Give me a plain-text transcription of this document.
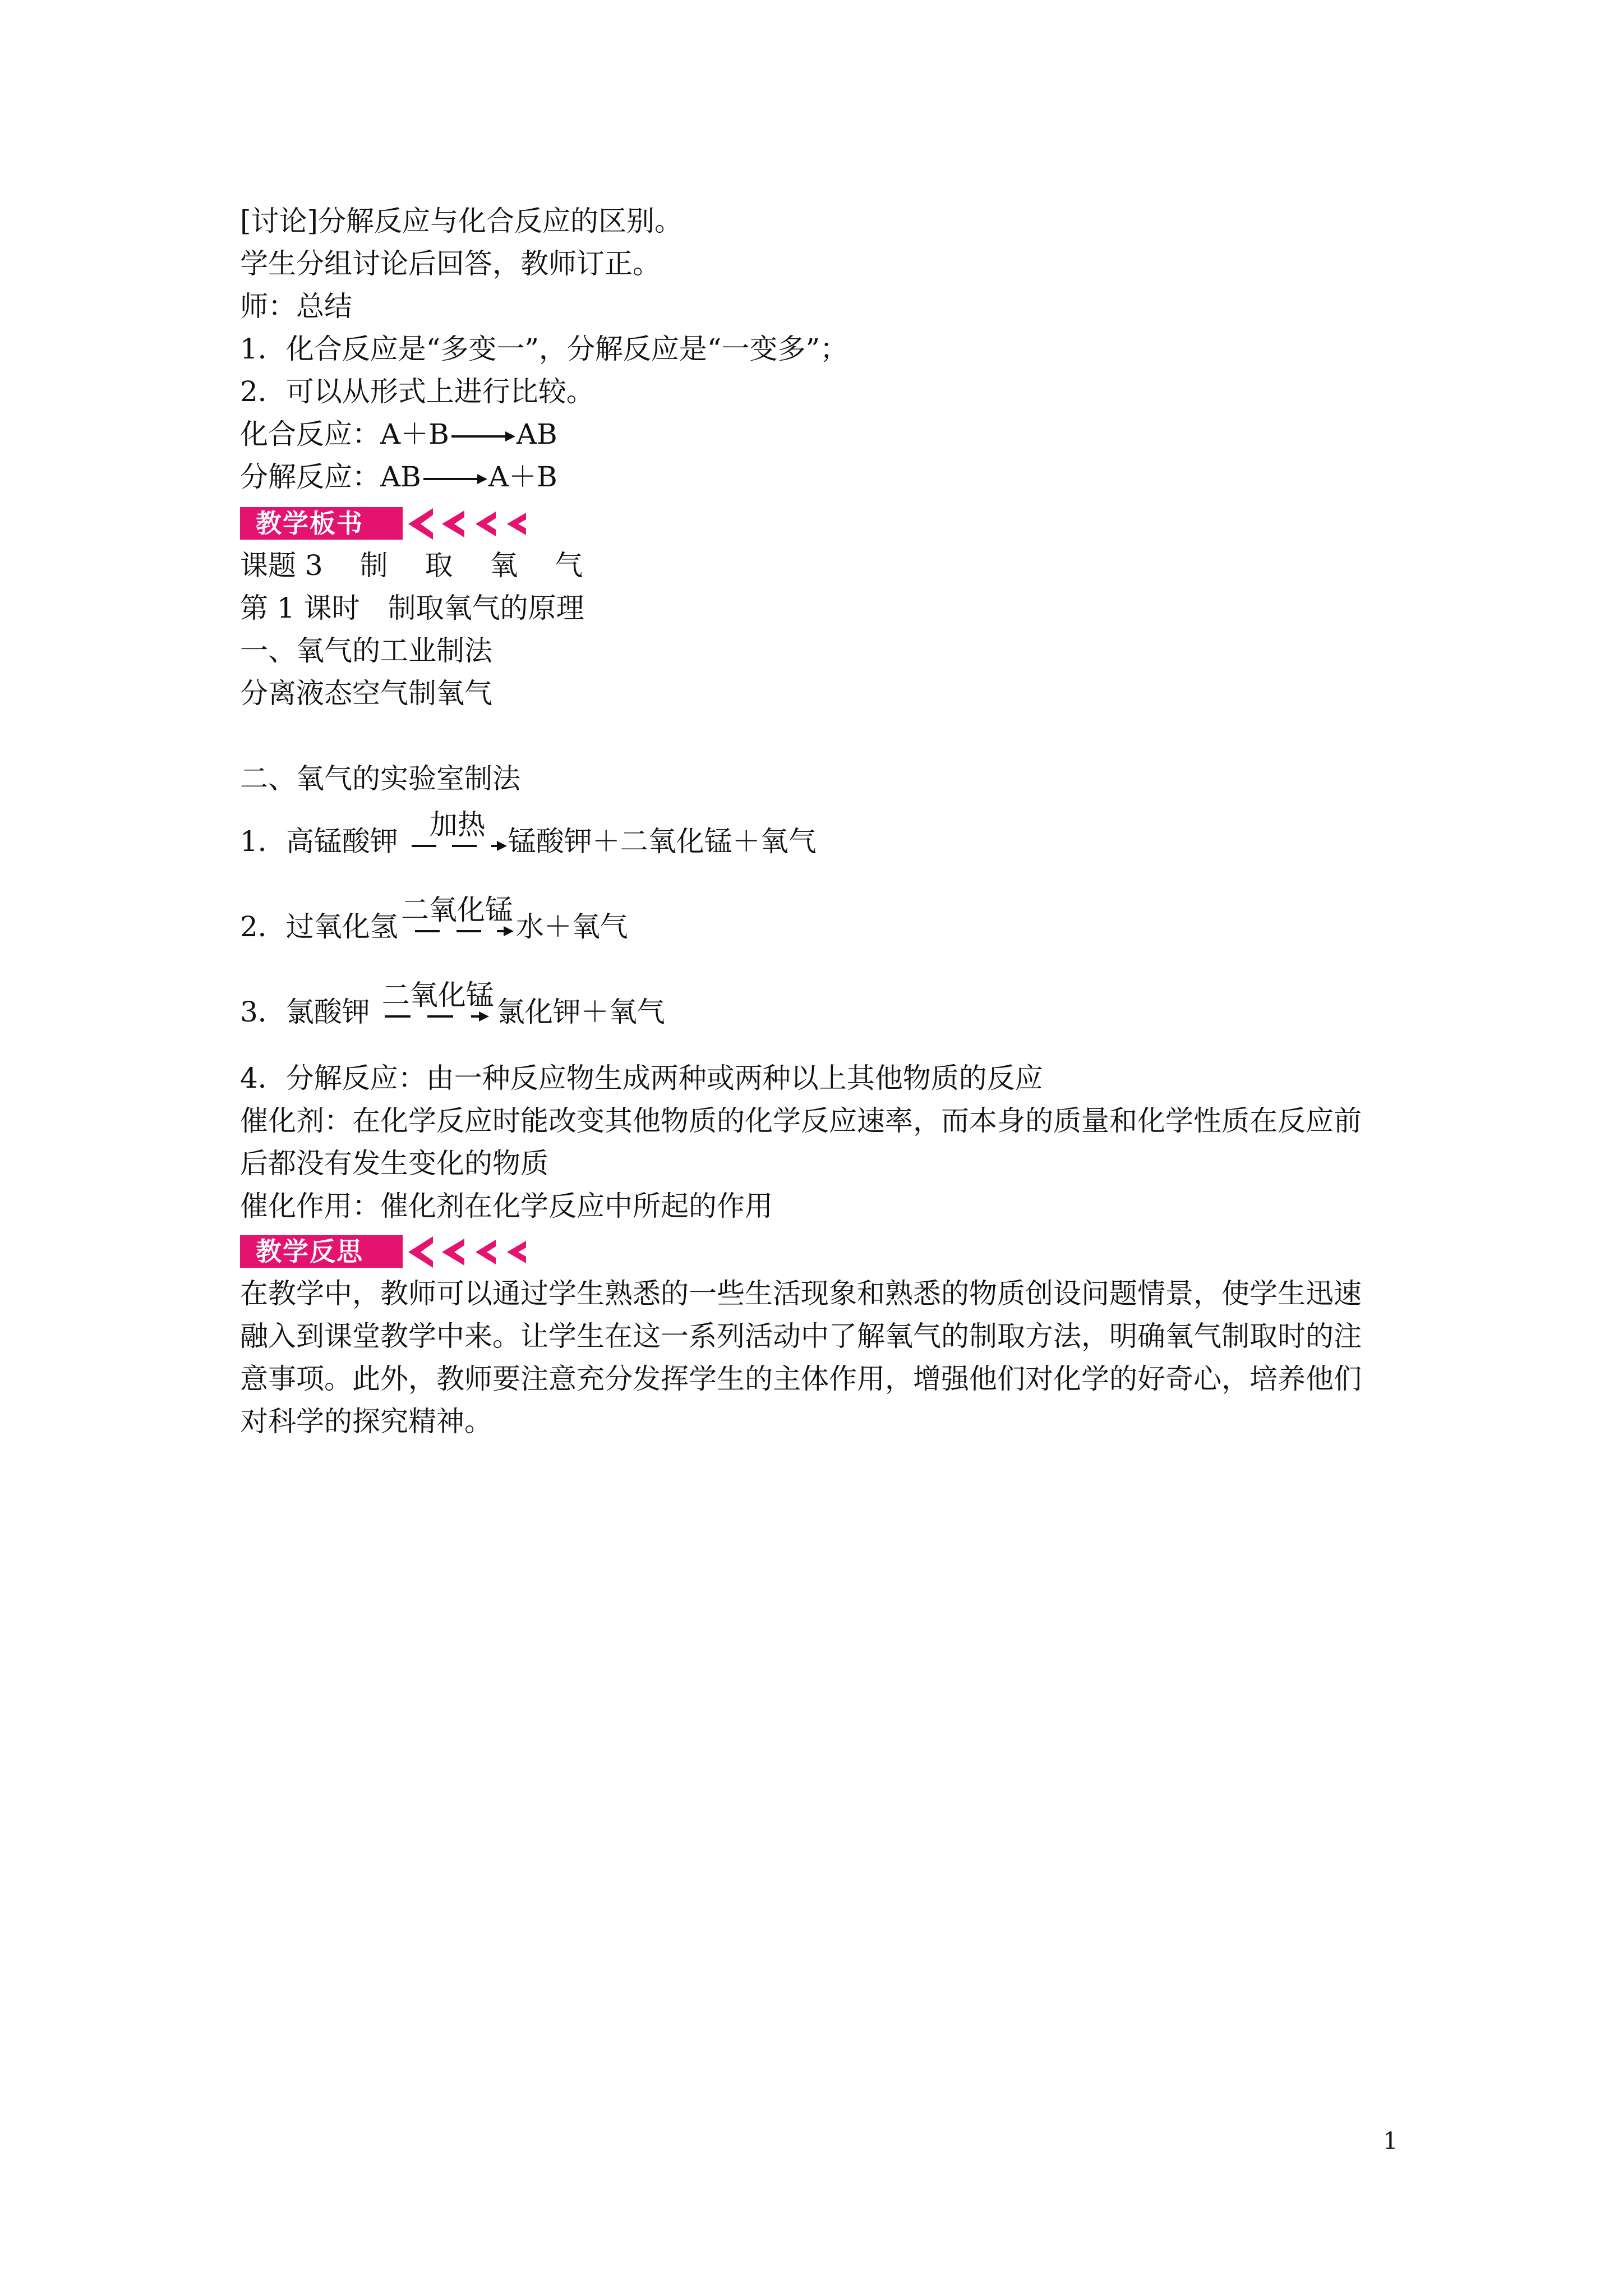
[讨论]分解反应与化合反应的区别。
学生分组讨论后回答，教师订正。
师：总结
1．化合反应是“多变一”，分解反应是“一变多”；
2．可以从形式上进行比较。
化合反应：A＋B AB
分解反应：AB A＋B
教学板书
课题 3　 制　 取　 氧　 气
第 1 课时　制取氧气的原理
一、氧气的工业制法
分离液态空气制氧气
二、氧气的实验室制法
1．高锰酸钾
加热
锰酸钾＋二氧化锰＋氧气
2．过氧化氢
二氧化锰
水＋氧气
3．氯酸钾
二氧化锰
氯化钾＋氧气
4．分解反应：由一种反应物生成两种或两种以上其他物质的反应
催化剂：在化学反应时能改变其他物质的化学反应速率，而本身的质量和化学性质在反应前
后都没有发生变化的物质
催化作用：催化剂在化学反应中所起的作用
教学反思
在教学中，教师可以通过学生熟悉的一些生活现象和熟悉的物质创设问题情景，使学生迅速
融入到课堂教学中来。让学生在这一系列活动中了解氧气的制取方法，明确氧气制取时的注
意事项。此外，教师要注意充分发挥学生的主体作用，增强他们对化学的好奇心，培养他们
对科学的探究精神。
1
